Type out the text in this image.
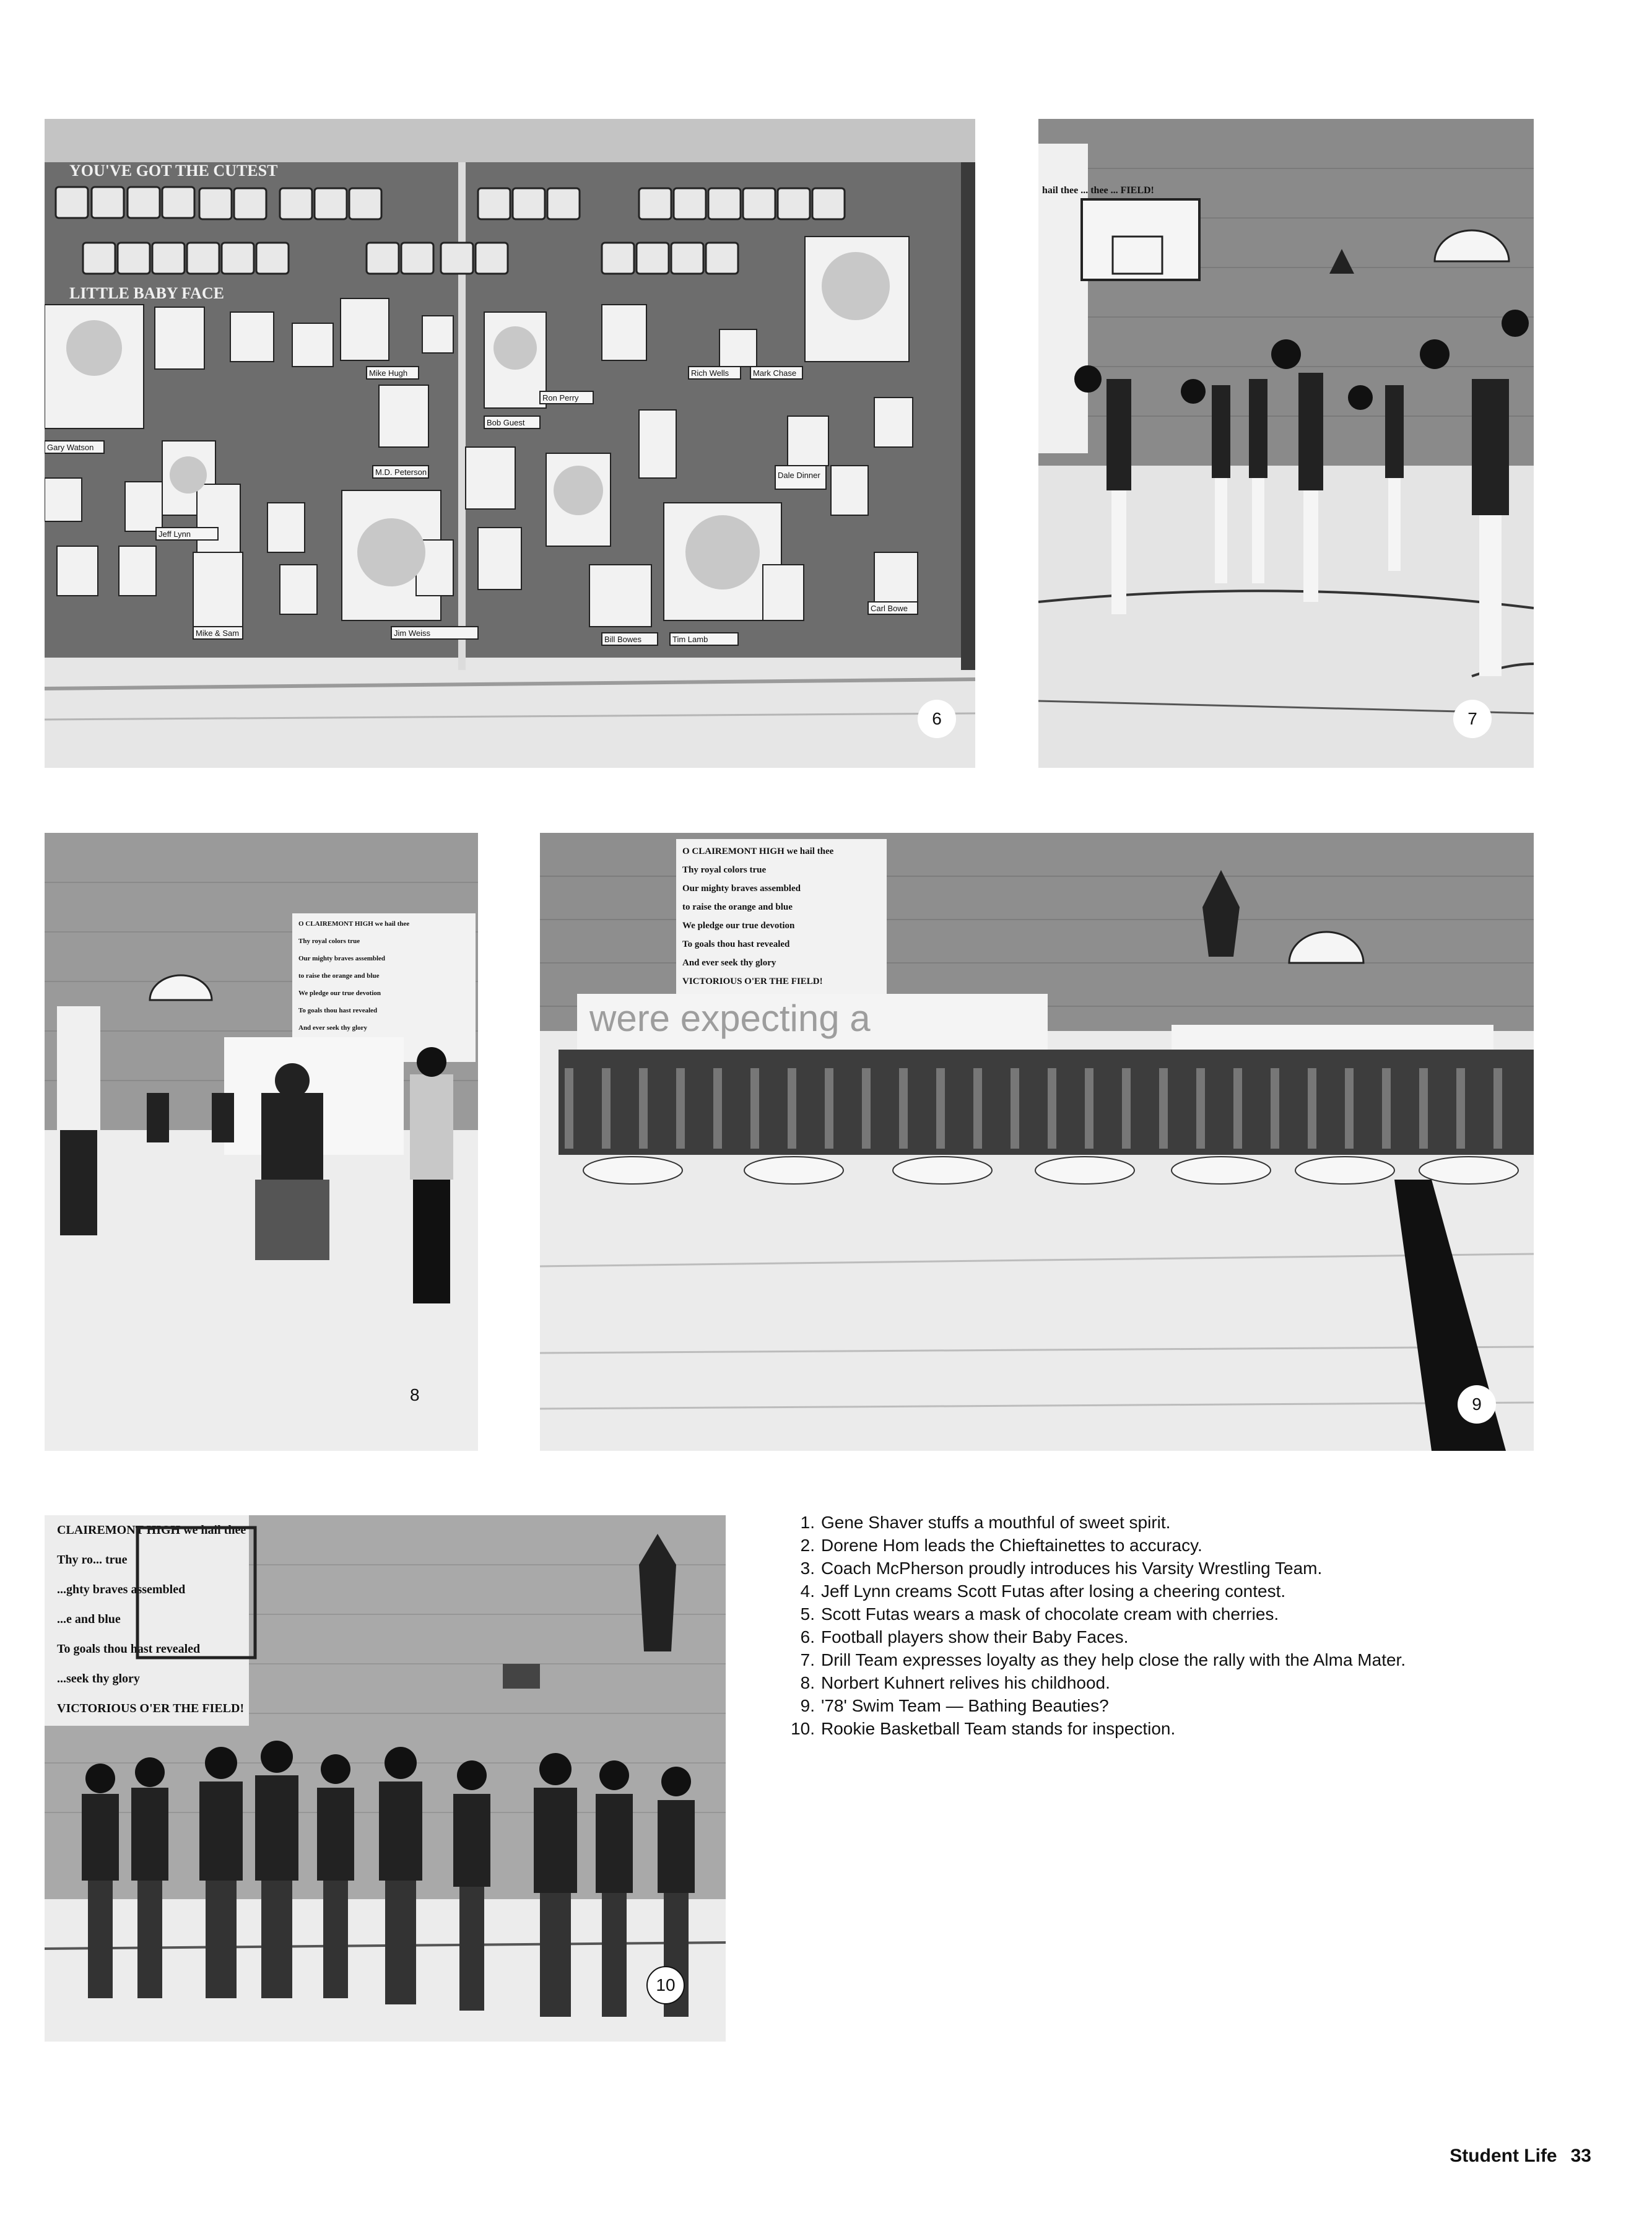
YOU'VE GOT THE CUTEST
LITTLE BABY FACE
Gary Watson
Mike Hugh
Bob Guest
Rich Wells	Mark Chase
Dale Dinner
Ron Perry
M.D. Peterson
Jeff Lynn
Tim Lamb
Bill Bowes
Mike & Sam	Jim Weiss
Carl Bowe
6
hail thee ... thee ... FIELD!
7
O CLAIREMONT HIGH we hail thee
Thy royal colors true
Our mighty braves assembled
to raise the orange and blue
We pledge our true devotion
To goals thou hast revealed
And ever seek thy glory
8
O CLAIREMONT HIGH we hail thee
Thy royal colors true
Our mighty braves assembled
to raise the orange and blue
We pledge our true devotion
To goals thou hast revealed
And ever seek thy glory
VICTORIOUS O'ER THE FIELD!
were expecting a
9
CLAIREMONT HIGH we hail thee
Thy ro... true
...ghty braves assembled
...e and blue
To goals thou hast revealed
...seek thy glory
VICTORIOUS O'ER THE FIELD!
10
1. Gene Shaver stuffs a mouthful of sweet spirit.
2. Dorene Hom leads the Chieftainettes to accuracy.
3. Coach McPherson proudly introduces his Varsity Wrestling Team.
4. Jeff Lynn creams Scott Futas after losing a cheering contest.
5. Scott Futas wears a mask of chocolate cream with cherries.
6. Football players show their Baby Faces.
7. Drill Team expresses loyalty as they help close the rally with the Alma Mater.
8. Norbert Kuhnert relives his childhood.
9. '78' Swim Team — Bathing Beauties?
10. Rookie Basketball Team stands for inspection.
Student Life 33
